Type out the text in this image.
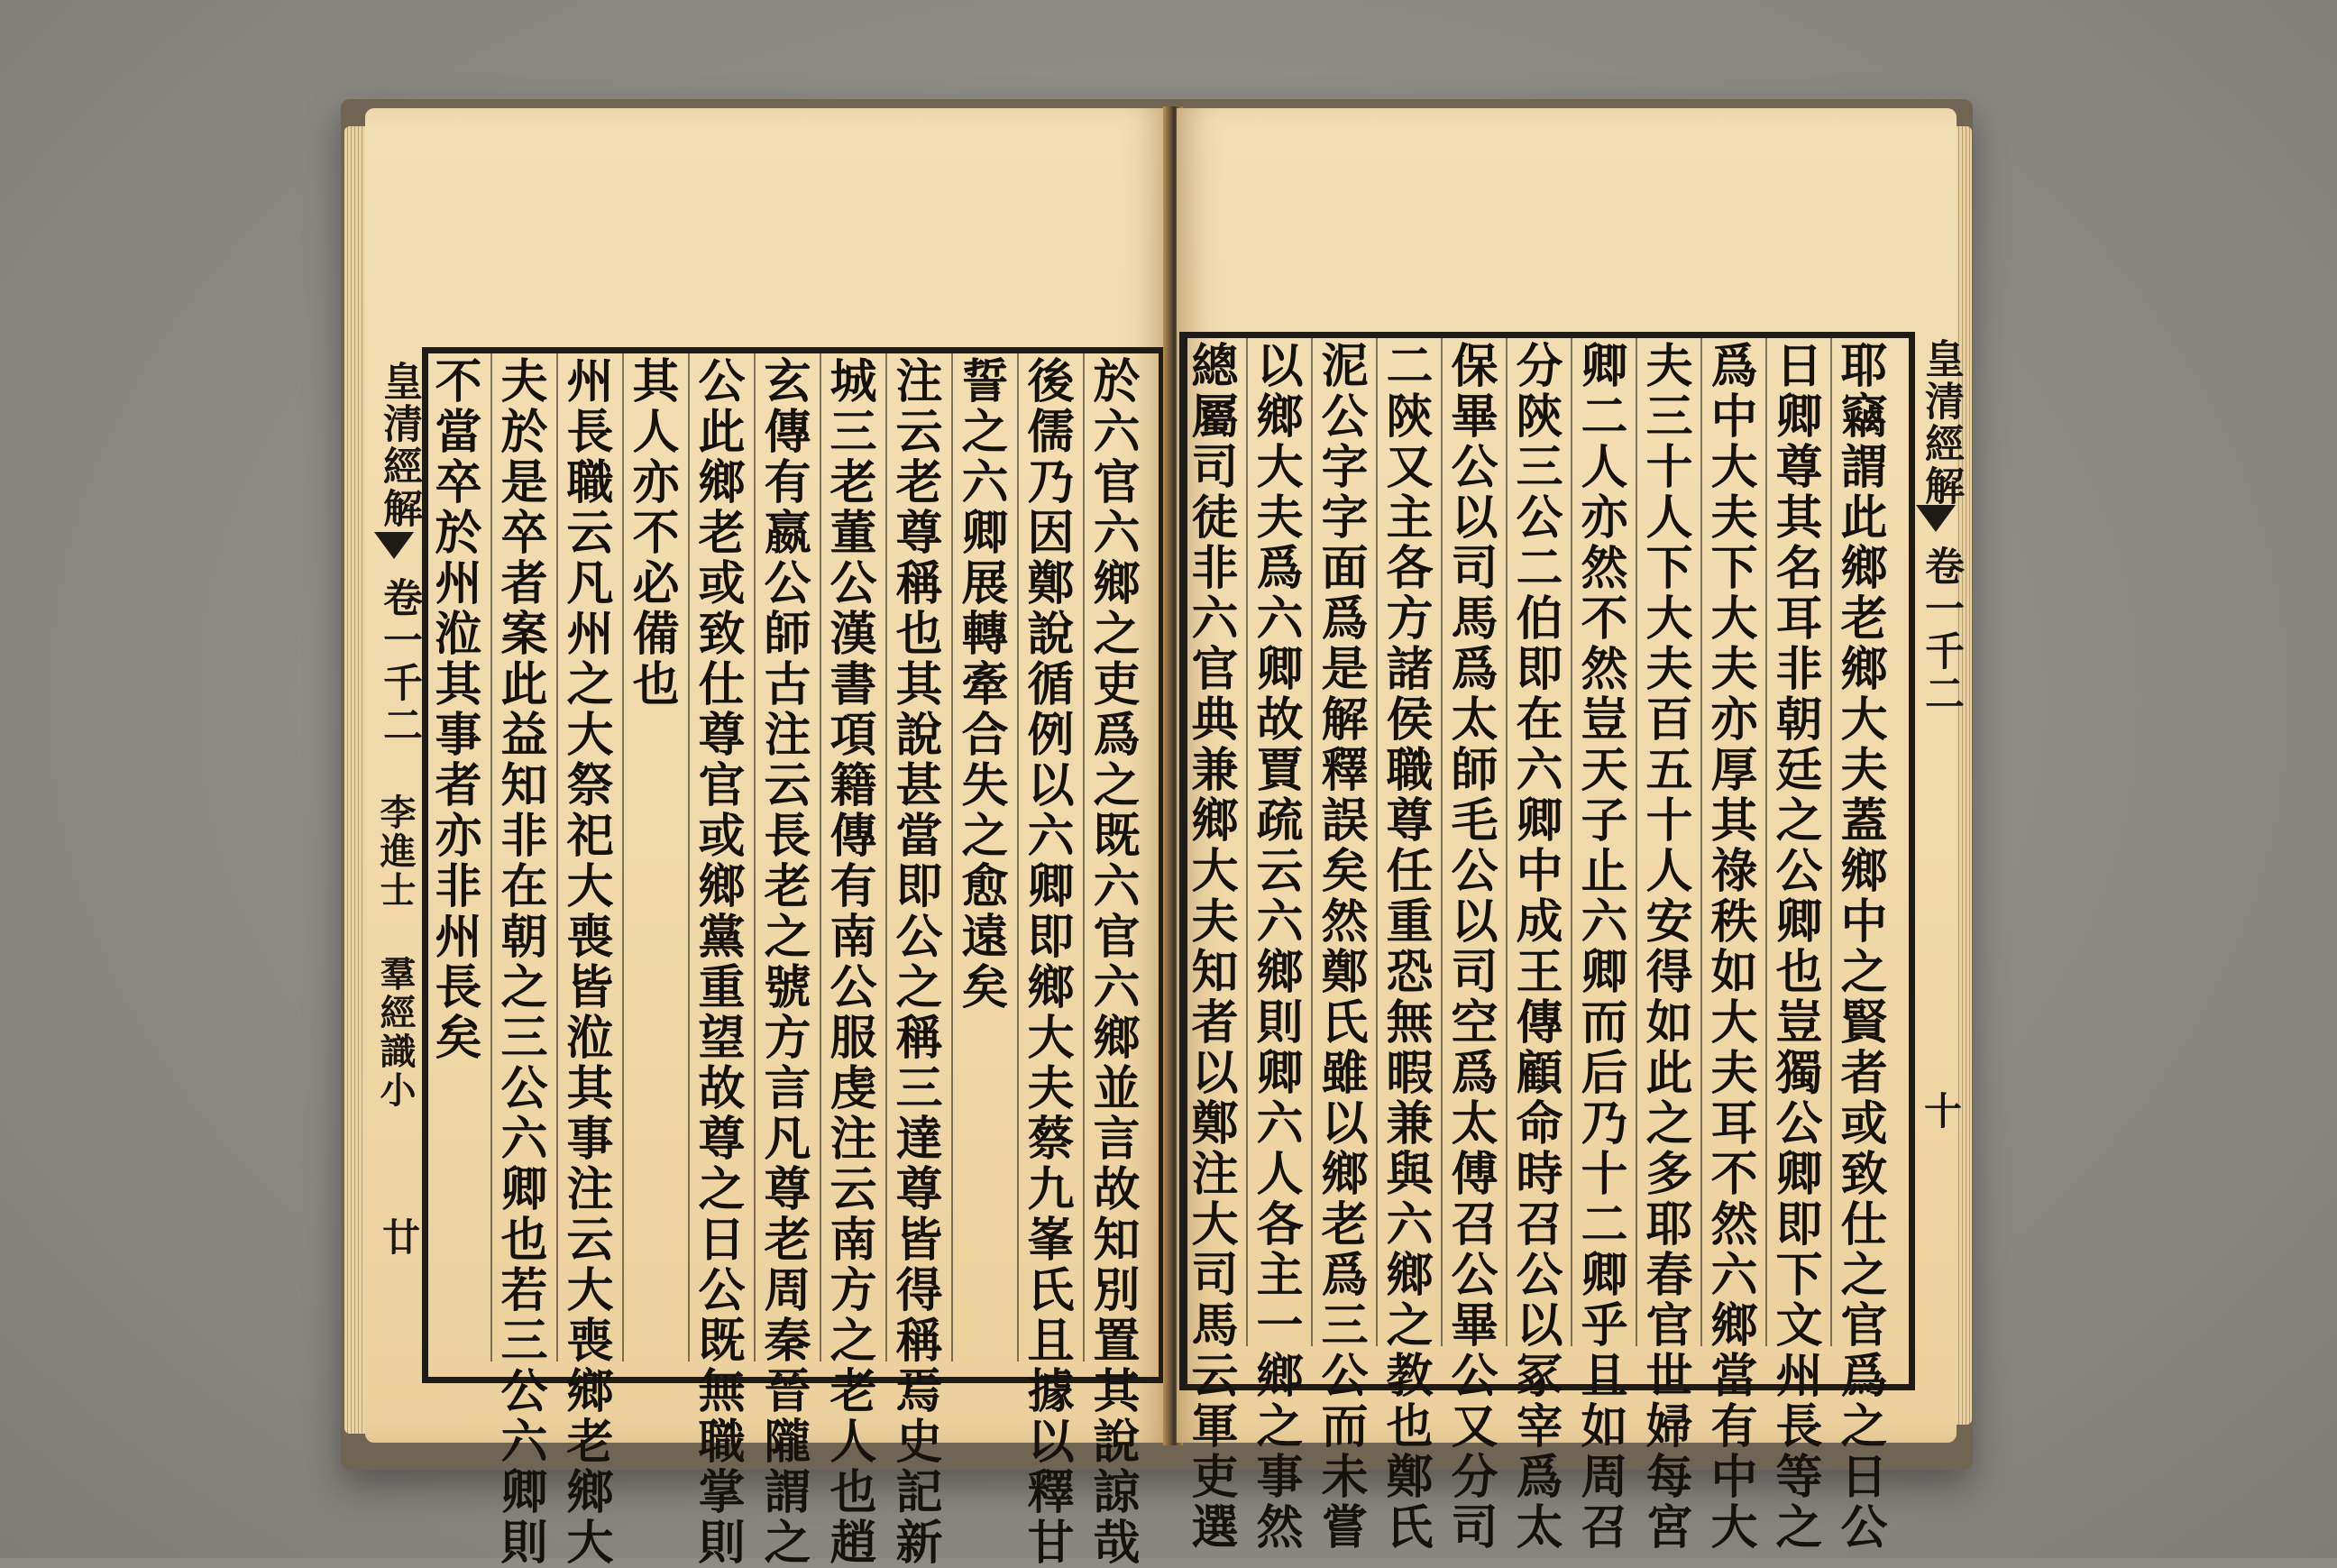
皇清經解
卷一千二
李進士 羣經識小
廿	於六官六鄉之吏爲之既六官六鄉並言故知別置其說諒哉
後儒乃因鄭說循例以六卿即鄉大夫蔡九峯氏且據以釋甘
誓之六卿展轉牽合失之愈遠矣
注云老尊稱也其說甚當即公之稱三達尊皆得稱焉史記新
城三老董公漢書項籍傳有南公服虔注云南方之老人也趙
玄傳有嬴公師古注云長老之號方言凡尊老周秦晉隴謂之
公此鄉老或致仕尊官或鄉黨重望故尊之日公既無職掌則
其人亦不必備也
州長職云凡州之大祭祀大喪皆涖其事注云大喪鄉老鄉大
夫於是卒者案此益知非在朝之三公六卿也若三公六卿則
不當卒於州涖其事者亦非州長矣	皇清經解
卷一千二
十
耶竊謂此鄉老鄉大夫蓋鄉中之賢者或致仕之官爲之日公
日卿尊其名耳非朝廷之公卿也豈獨公卿即下文州長等之
爲中大夫下大夫亦厚其祿秩如大夫耳不然六鄉當有中大
夫三十人下大夫百五十人安得如此之多耶春官世婦每宮
卿二人亦然不然豈天子止六卿而后乃十二卿乎且如周召
分陝三公二伯即在六卿中成王傳顧命時召公以冢宰爲太
保畢公以司馬爲太師毛公以司空爲太傅召公畢公又分司
二陝又主各方諸侯職尊任重恐無暇兼與六鄉之教也鄭氏
泥公字字面爲是解釋誤矣然鄭氏雖以鄉老爲三公而未嘗
以鄉大夫爲六卿故賈疏云六鄉則卿六人各主一鄉之事然
總屬司徒非六官典兼鄉大夫知者以鄭注大司馬云軍吏選
